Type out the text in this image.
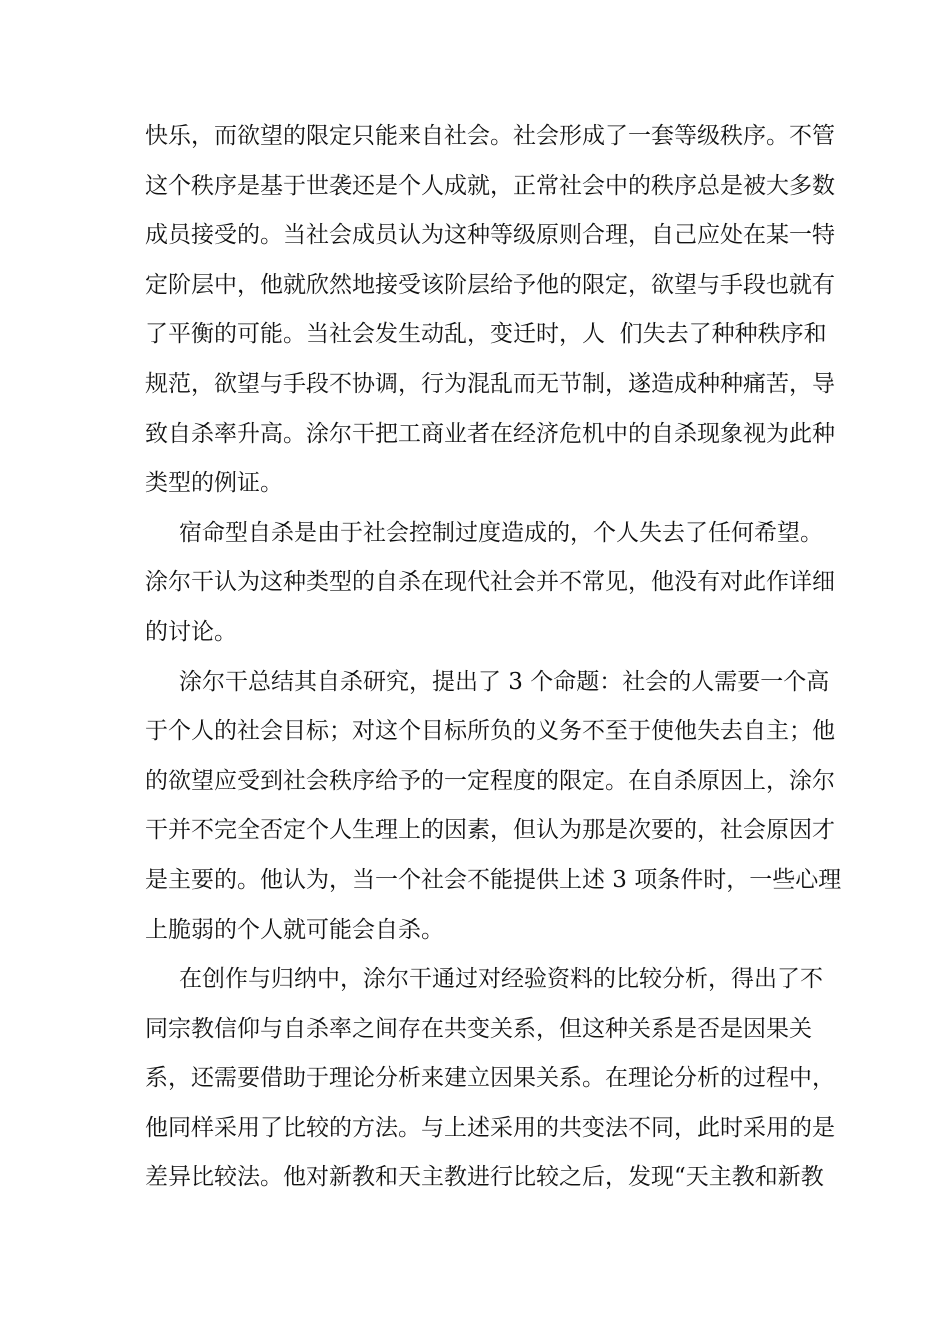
快乐，而欲望的限定只能来自社会。社会形成了一套等级秩序。不管
这个秩序是基于世袭还是个人成就，正常社会中的秩序总是被大多数
成员接受的。当社会成员认为这种等级原则合理，自己应处在某一特
定阶层中，他就欣然地接受该阶层给予他的限定，欲望与手段也就有
了平衡的可能。当社会发生动乱，变迁时，人  们失去了种种秩序和
规范，欲望与手段不协调，行为混乱而无节制，遂造成种种痛苦，导
致自杀率升高。涂尔干把工商业者在经济危机中的自杀现象视为此种
类型的例证。
宿命型自杀是由于社会控制过度造成的，个人失去了任何希望。
涂尔干认为这种类型的自杀在现代社会并不常见，他没有对此作详细
的讨论。
涂尔干总结其自杀研究，提出了 3 个命题：社会的人需要一个高
于个人的社会目标；对这个目标所负的义务不至于使他失去自主；他
的欲望应受到社会秩序给予的一定程度的限定。在自杀原因上，涂尔
干并不完全否定个人生理上的因素，但认为那是次要的，社会原因才
是主要的。他认为，当一个社会不能提供上述 3 项条件时，一些心理
上脆弱的个人就可能会自杀。
在创作与归纳中，涂尔干通过对经验资料的比较分析，得出了不
同宗教信仰与自杀率之间存在共变关系，但这种关系是否是因果关
系，还需要借助于理论分析来建立因果关系。在理论分析的过程中，
他同样采用了比较的方法。与上述采用的共变法不同，此时采用的是
差异比较法。他对新教和天主教进行比较之后，发现“天主教和新教
